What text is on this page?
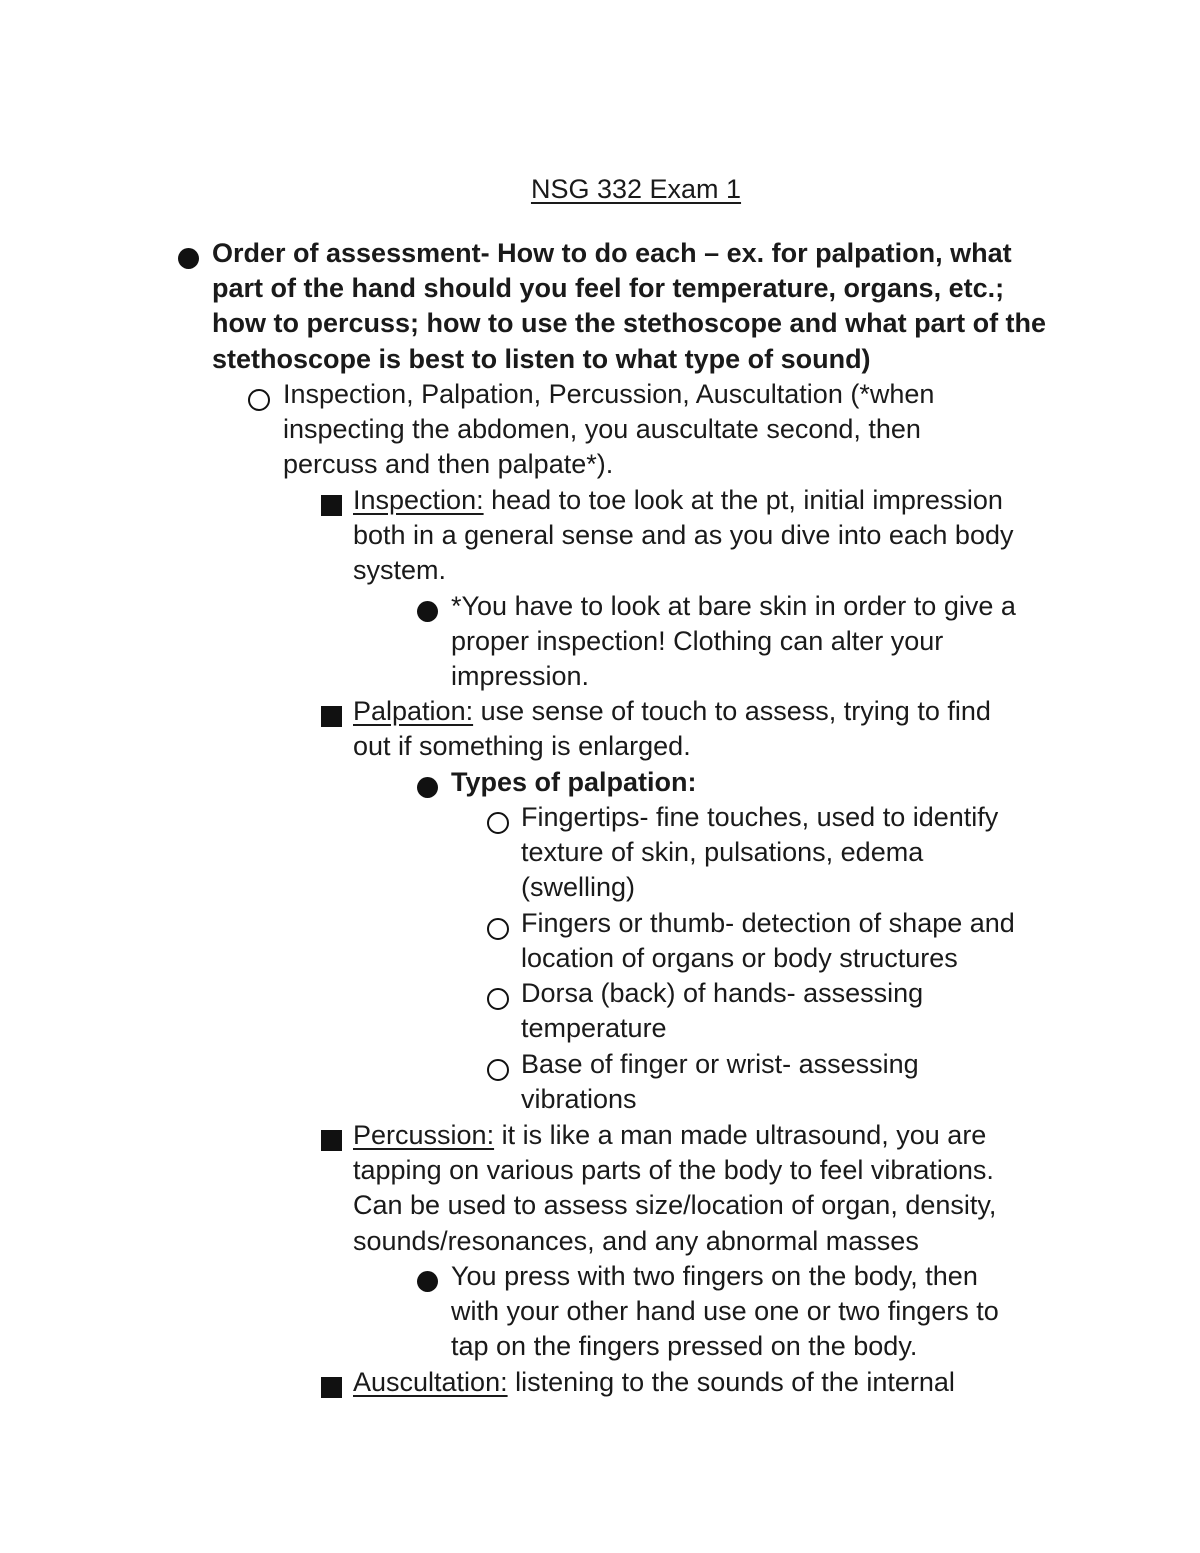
NSG 332 Exam 1
Order of assessment- How to do each – ex. for palpation, what
part of the hand should you feel for temperature, organs, etc.;
how to percuss; how to use the stethoscope and what part of the
stethoscope is best to listen to what type of sound)
Inspection, Palpation, Percussion, Auscultation (*when
inspecting the abdomen, you auscultate second, then
percuss and then palpate*).
Inspection: head to toe look at the pt, initial impression
both in a general sense and as you dive into each body
system.
*You have to look at bare skin in order to give a
proper inspection! Clothing can alter your
impression.
Palpation: use sense of touch to assess, trying to find
out if something is enlarged.
Types of palpation:
Fingertips- fine touches, used to identify
texture of skin, pulsations, edema
(swelling)
Fingers or thumb- detection of shape and
location of organs or body structures
Dorsa (back) of hands- assessing
temperature
Base of finger or wrist- assessing
vibrations
Percussion: it is like a man made ultrasound, you are
tapping on various parts of the body to feel vibrations.
Can be used to assess size/location of organ, density,
sounds/resonances, and any abnormal masses
You press with two fingers on the body, then
with your other hand use one or two fingers to
tap on the fingers pressed on the body.
Auscultation: listening to the sounds of the internal
